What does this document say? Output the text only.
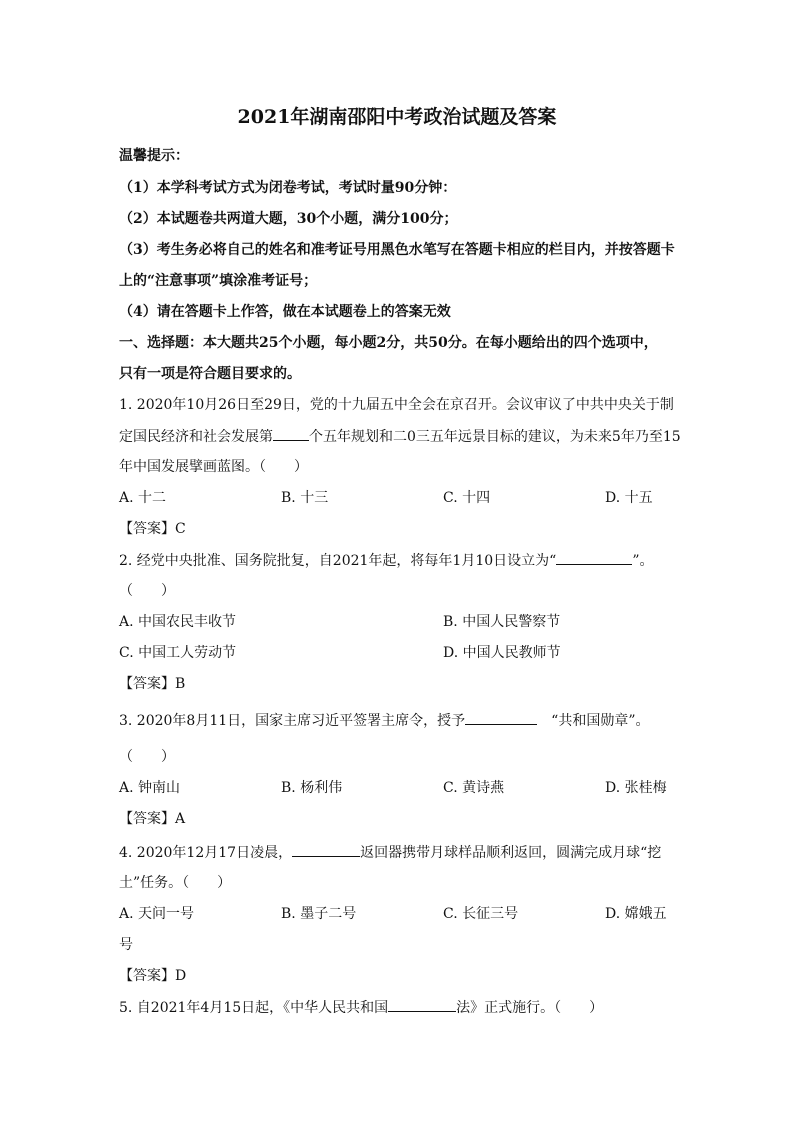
2021年湖南邵阳中考政治试题及答案
温馨提示：
（1）本学科考试方式为闭卷考试，考试时量90分钟：
（2）本试题卷共两道大题，30个小题，满分100分；
（3）考生务必将自己的姓名和准考证号用黑色水笔写在答题卡相应的栏目内，并按答题卡
上的“注意事项”填涂准考证号；
（4）请在答题卡上作答，做在本试题卷上的答案无效
一、选择题：本大题共25个小题，每小题2分，共50分。在每小题给出的四个选项中，
只有一项是符合题目要求的。
1. 2020年10月26日至29日，党的十九届五中全会在京召开。会议审议了中共中央关于制
定国民经济和社会发展第	个五年规划和二0三五年远景目标的建议，为未来5年乃至15
年中国发展擘画蓝图。（　　）
A. 十二	B. 十三	C. 十四	D. 十五
【答案】C
2. 经党中央批准、国务院批复，自2021年起，将每年1月10日设立为“	”。
（　　）
A. 中国农民丰收节	B. 中国人民警察节
C. 中国工人劳动节	D. 中国人民教师节
【答案】B
3. 2020年8月11日，国家主席习近平签署主席令，授予 	“共和国勋章”。
（　　）
A. 钟南山	B. 杨利伟	C. 黄诗燕	D. 张桂梅
【答案】A
4. 2020年12月17日凌晨，	返回器携带月球样品顺利返回，圆满完成月球“挖
土”任务。（　　）
A. 天问一号	B. 墨子二号	C. 长征三号	D. 嫦娥五
号
【答案】D
5. 自2021年4月15日起，《中华人民共和国	法》正式施行。（　　）
